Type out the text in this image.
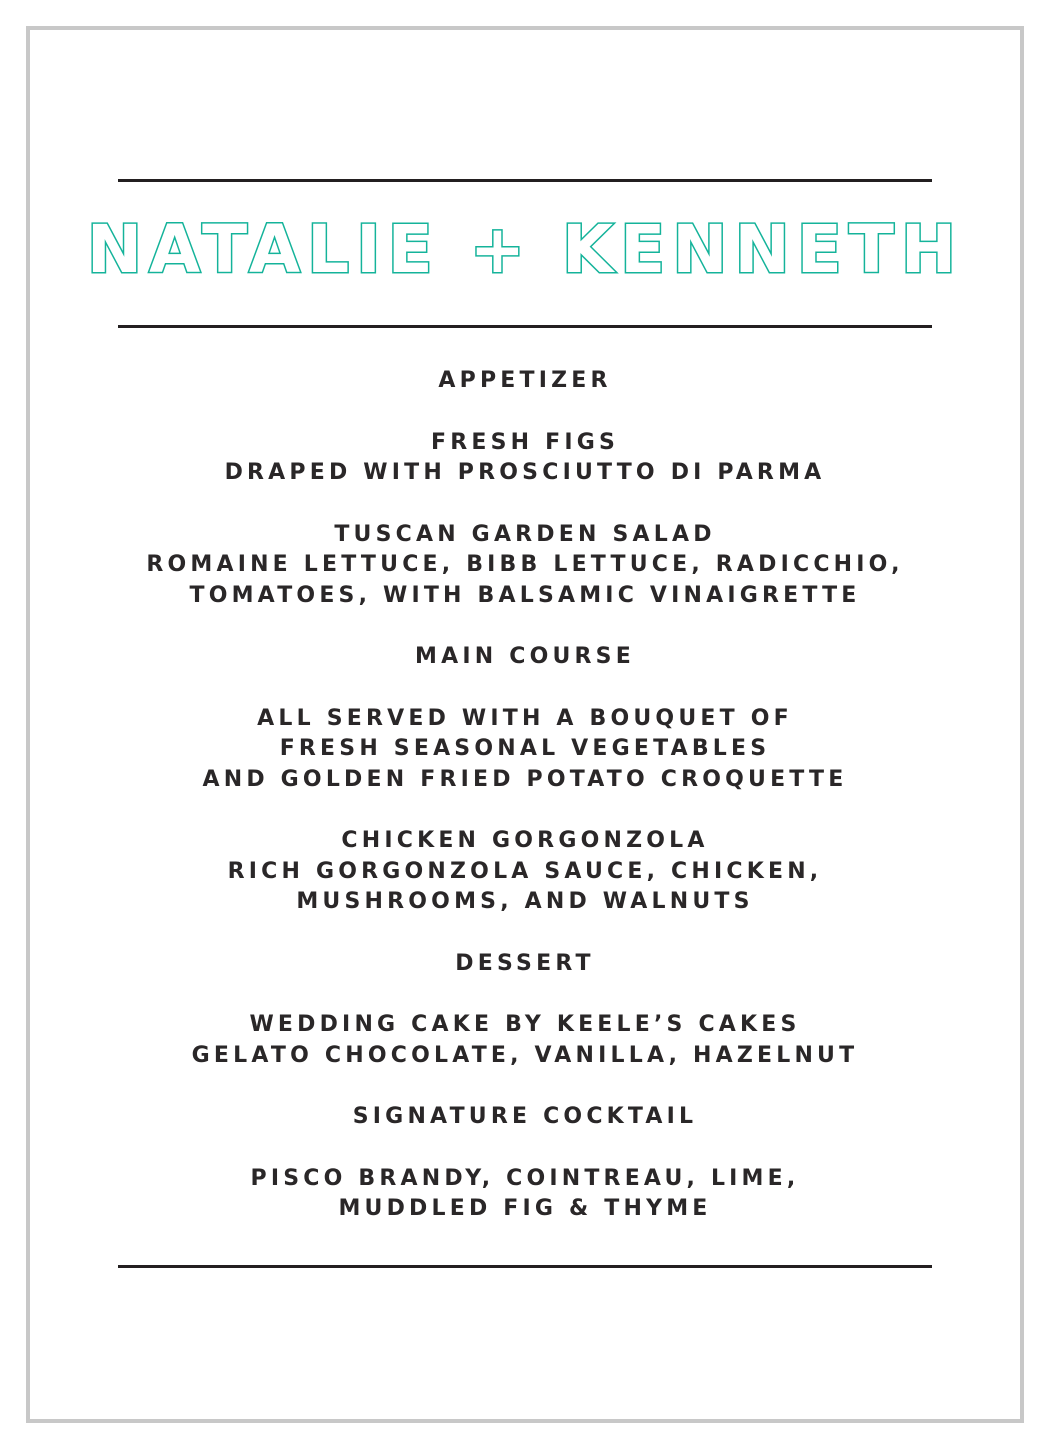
NATALIE + KENNETH
APPETIZER
FRESH FIGS
DRAPED WITH PROSCIUTTO DI PARMA
TUSCAN GARDEN SALAD
ROMAINE LETTUCE, BIBB LETTUCE, RADICCHIO,
TOMATOES, WITH BALSAMIC VINAIGRETTE
MAIN COURSE
ALL SERVED WITH A BOUQUET OF
FRESH SEASONAL VEGETABLES
AND GOLDEN FRIED POTATO CROQUETTE
CHICKEN GORGONZOLA
RICH GORGONZOLA SAUCE, CHICKEN,
MUSHROOMS, AND WALNUTS
DESSERT
WEDDING CAKE BY KEELE’S CAKES
GELATO CHOCOLATE, VANILLA, HAZELNUT
SIGNATURE COCKTAIL
PISCO BRANDY, COINTREAU, LIME,
MUDDLED FIG & THYME
